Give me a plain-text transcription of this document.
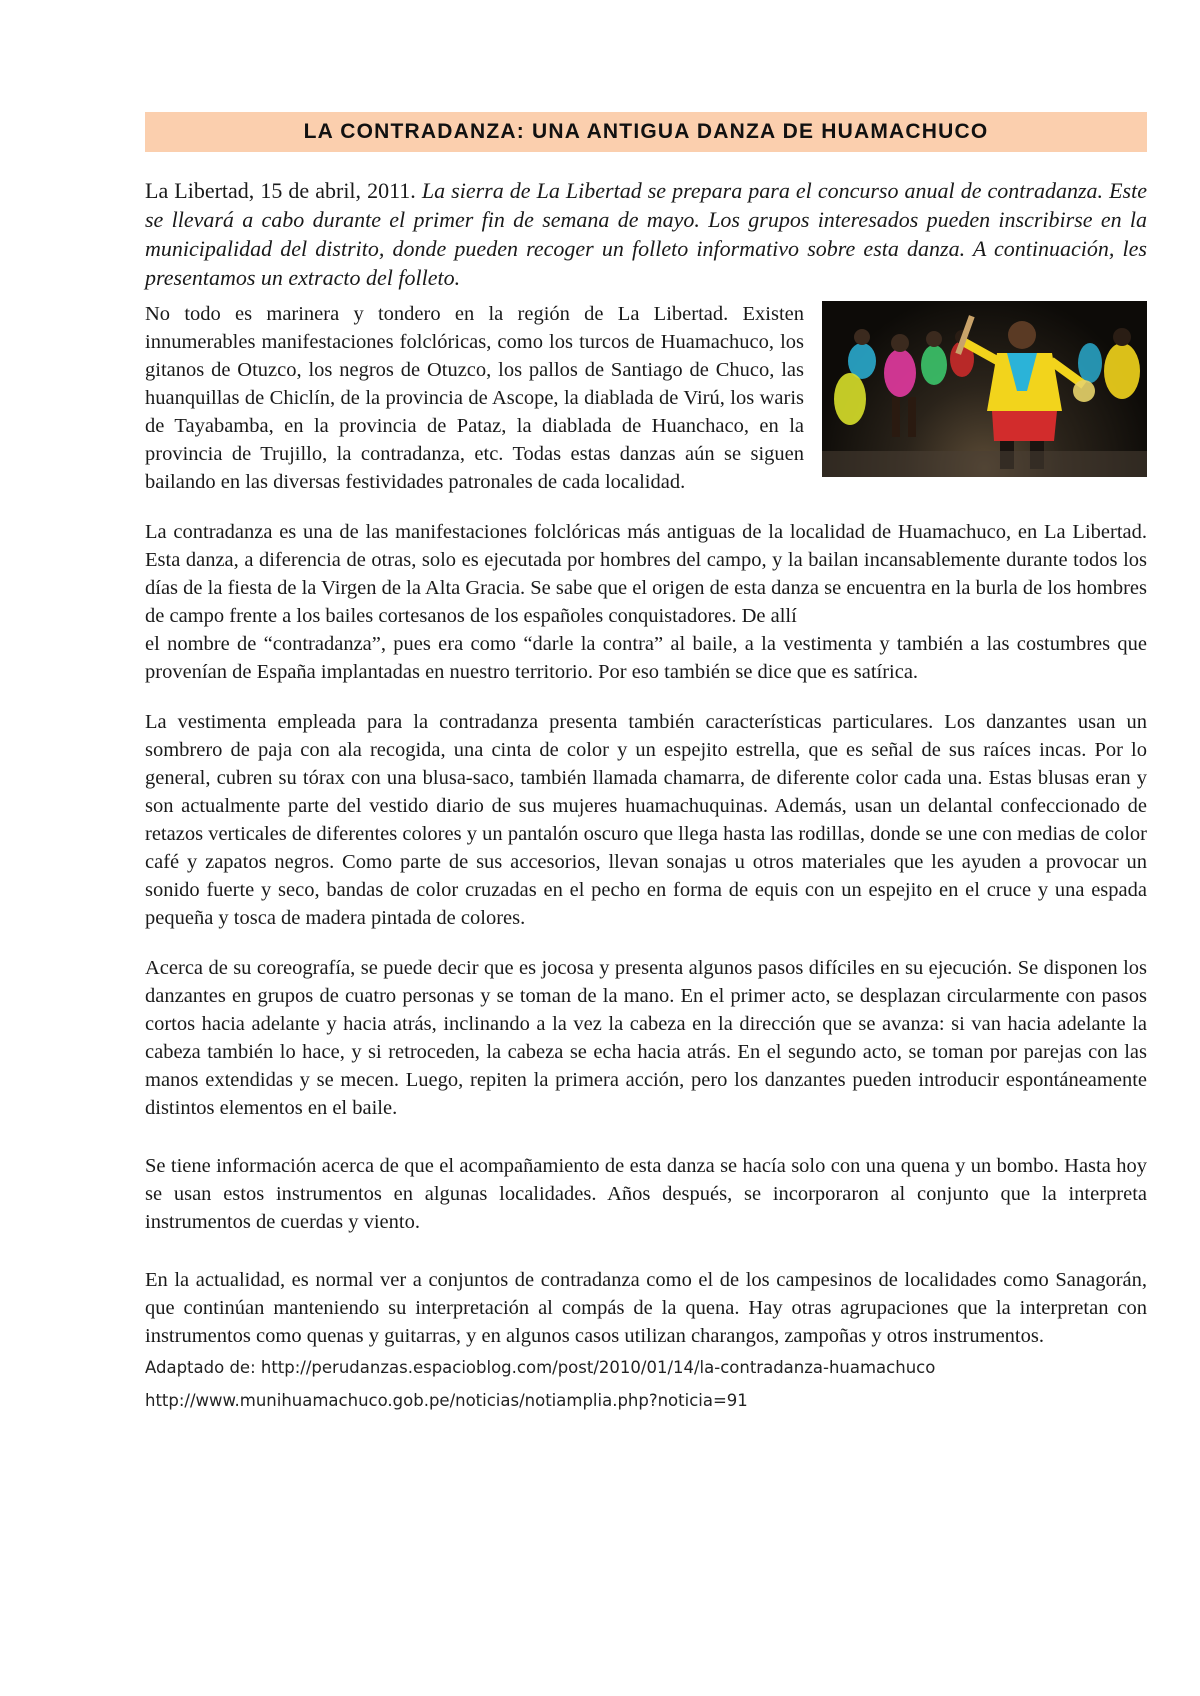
LA CONTRADANZA: UNA ANTIGUA DANZA DE HUAMACHUCO

La Libertad, 15 de abril, 2011. La sierra de La Libertad se prepara para el concurso anual de contradanza. Este se llevará a cabo durante el primer fin de semana de mayo. Los grupos interesados pueden inscribirse en la municipalidad del distrito, donde pueden recoger un folleto informativo sobre esta danza. A continuación, les presentamos un extracto del folleto.

No todo es marinera y tondero en la región de La Libertad. Existen innumerables manifestaciones folclóricas, como los turcos de Huamachuco, los gitanos de Otuzco, los negros de Otuzco, los pallos de Santiago de Chuco, las huanquillas de Chiclín, de la provincia de Ascope, la diablada de Virú, los waris de Tayabamba, en la provincia de Pataz, la diablada de Huanchaco, en la provincia de Trujillo, la contradanza, etc. Todas estas danzas aún se siguen bailando en las diversas festividades patronales de cada localidad.

La contradanza es una de las manifestaciones folclóricas más antiguas de la localidad de Huamachuco, en La Libertad. Esta danza, a diferencia de otras, solo es ejecutada por hombres del campo, y la bailan incansablemente durante todos los días de la fiesta de la Virgen de la Alta Gracia. Se sabe que el origen de esta danza se encuentra en la burla de los hombres de campo frente a los bailes cortesanos de los españoles conquistadores. De allí

el nombre de “contradanza”, pues era como “darle la contra” al baile, a la vestimenta y también a las costumbres que provenían de España implantadas en nuestro territorio. Por eso también se dice que es satírica.

La vestimenta empleada para la contradanza presenta también características particulares. Los danzantes usan un sombrero de paja con ala recogida, una cinta de color y un espejito estrella, que es señal de sus raíces incas. Por lo general, cubren su tórax con una blusa-saco, también llamada chamarra, de diferente color cada una. Estas blusas eran y son actualmente parte del vestido diario de sus mujeres huamachuquinas. Además, usan un delantal confeccionado de retazos verticales de diferentes colores y un pantalón oscuro que llega hasta las rodillas, donde se une con medias de color café y zapatos negros. Como parte de sus accesorios, llevan sonajas u otros materiales que les ayuden a provocar un sonido fuerte y seco, bandas de color cruzadas en el pecho en forma de equis con un espejito en el cruce y una espada pequeña y tosca de madera pintada de colores.

Acerca de su coreografía, se puede decir que es jocosa y presenta algunos pasos difíciles en su ejecución. Se disponen los danzantes en grupos de cuatro personas y se toman de la mano. En el primer acto, se desplazan circularmente con pasos cortos hacia adelante y hacia atrás, inclinando a la vez la cabeza en la dirección que se avanza: si van hacia adelante la cabeza también lo hace, y si retroceden, la cabeza se echa hacia atrás. En el segundo acto, se toman por parejas con las manos extendidas y se mecen. Luego, repiten la primera acción, pero los danzantes pueden introducir espontáneamente distintos elementos en el baile.

Se tiene información acerca de que el acompañamiento de esta danza se hacía solo con una quena y un bombo. Hasta hoy se usan estos instrumentos en algunas localidades. Años después, se incorporaron al conjunto que la interpreta instrumentos de cuerdas y viento.

En la actualidad, es normal ver a conjuntos de contradanza como el de los campesinos de localidades como Sanagorán, que continúan manteniendo su interpretación al compás de la quena. Hay otras agrupaciones que la interpretan con instrumentos como quenas y guitarras, y en algunos casos utilizan charangos, zampoñas y otros instrumentos.

Adaptado de: http://perudanzas.espacioblog.com/post/2010/01/14/la-contradanza-huamachuco

http://www.munihuamachuco.gob.pe/noticias/notiamplia.php?noticia=91
